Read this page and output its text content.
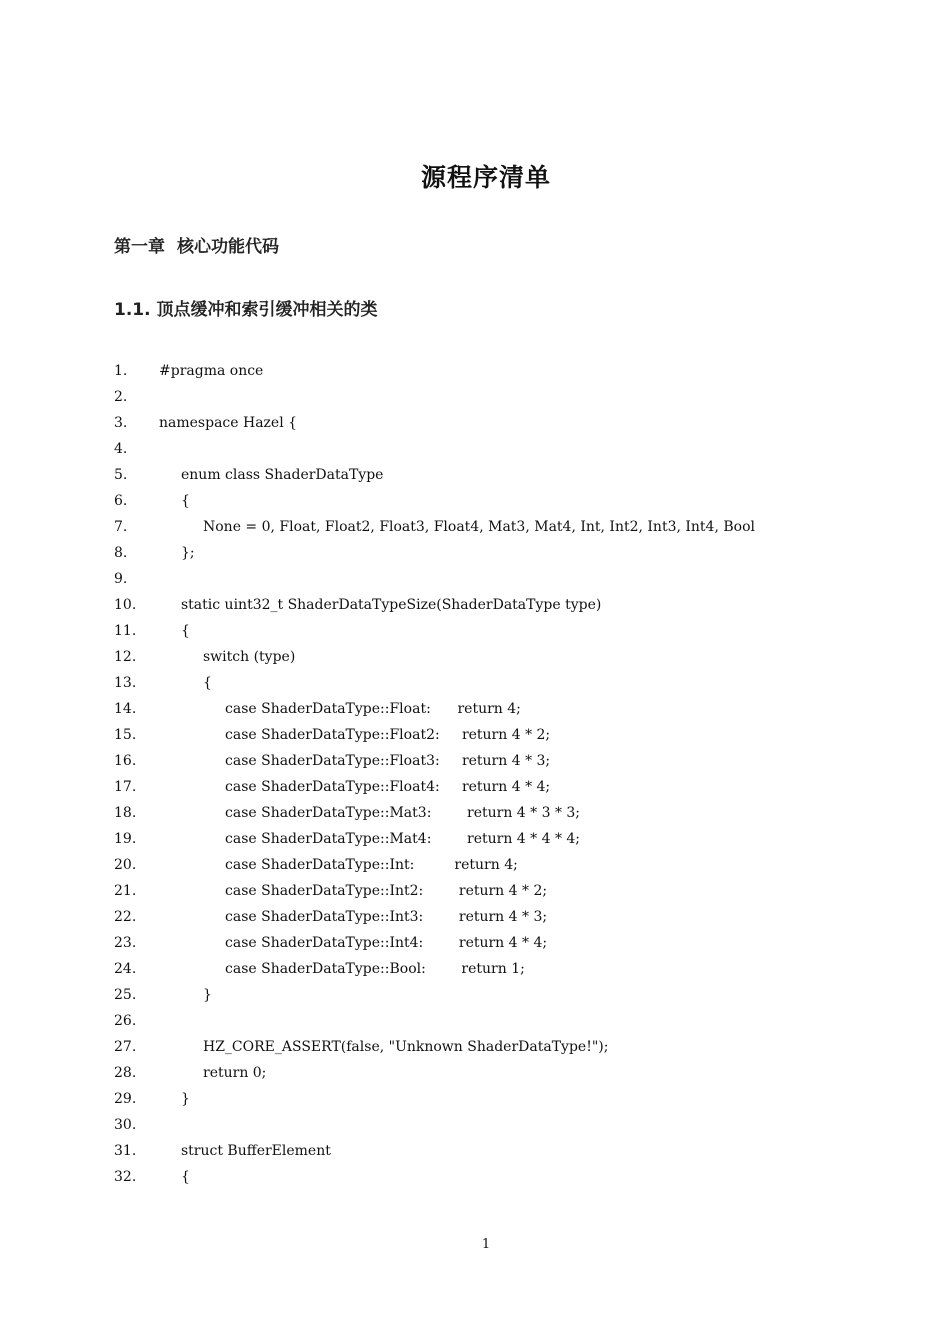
源程序清单
第一章 核心功能代码
1.1. 顶点缓冲和索引缓冲相关的类
1.	#pragma once
2.
3.	namespace Hazel {
4.
5.	enum class ShaderDataType
6.	{
7.	None = 0, Float, Float2, Float3, Float4, Mat3, Mat4, Int, Int2, Int3, Int4, Bool
8.	};
9.
10.	static uint32_t ShaderDataTypeSize(ShaderDataType type)
11.	{
12.	switch (type)
13.	{
14.	case ShaderDataType::Float:      return 4;
15.	case ShaderDataType::Float2:     return 4 * 2;
16.	case ShaderDataType::Float3:     return 4 * 3;
17.	case ShaderDataType::Float4:     return 4 * 4;
18.	case ShaderDataType::Mat3:        return 4 * 3 * 3;
19.	case ShaderDataType::Mat4:        return 4 * 4 * 4;
20.	case ShaderDataType::Int:         return 4;
21.	case ShaderDataType::Int2:        return 4 * 2;
22.	case ShaderDataType::Int3:        return 4 * 3;
23.	case ShaderDataType::Int4:        return 4 * 4;
24.	case ShaderDataType::Bool:        return 1;
25.	}
26.
27.	HZ_CORE_ASSERT(false, "Unknown ShaderDataType!");
28.	return 0;
29.	}
30.
31.	struct BufferElement
32.	{
1
